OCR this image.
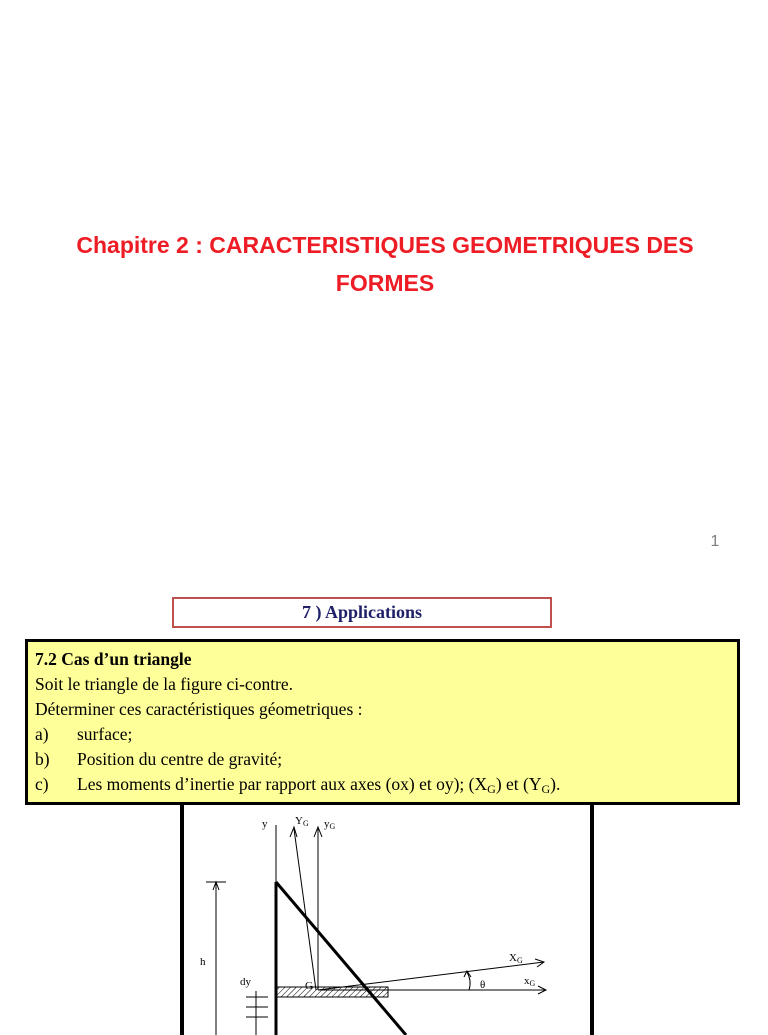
Chapitre 2 : CARACTERISTIQUES GEOMETRIQUES DES FORMES
1
7 ) Applications
7.2 Cas d’un triangle
Soit le triangle de la figure ci-contre.
Déterminer ces caractéristiques géometriques :
a) surface;
b) Position du centre de gravité;
c) Les moments d’inertie par rapport aux axes (ox) et oy); $(X_G)$ et $(Y_G)$.
y	YG yG
xG
XG
θ
G
h
dy
